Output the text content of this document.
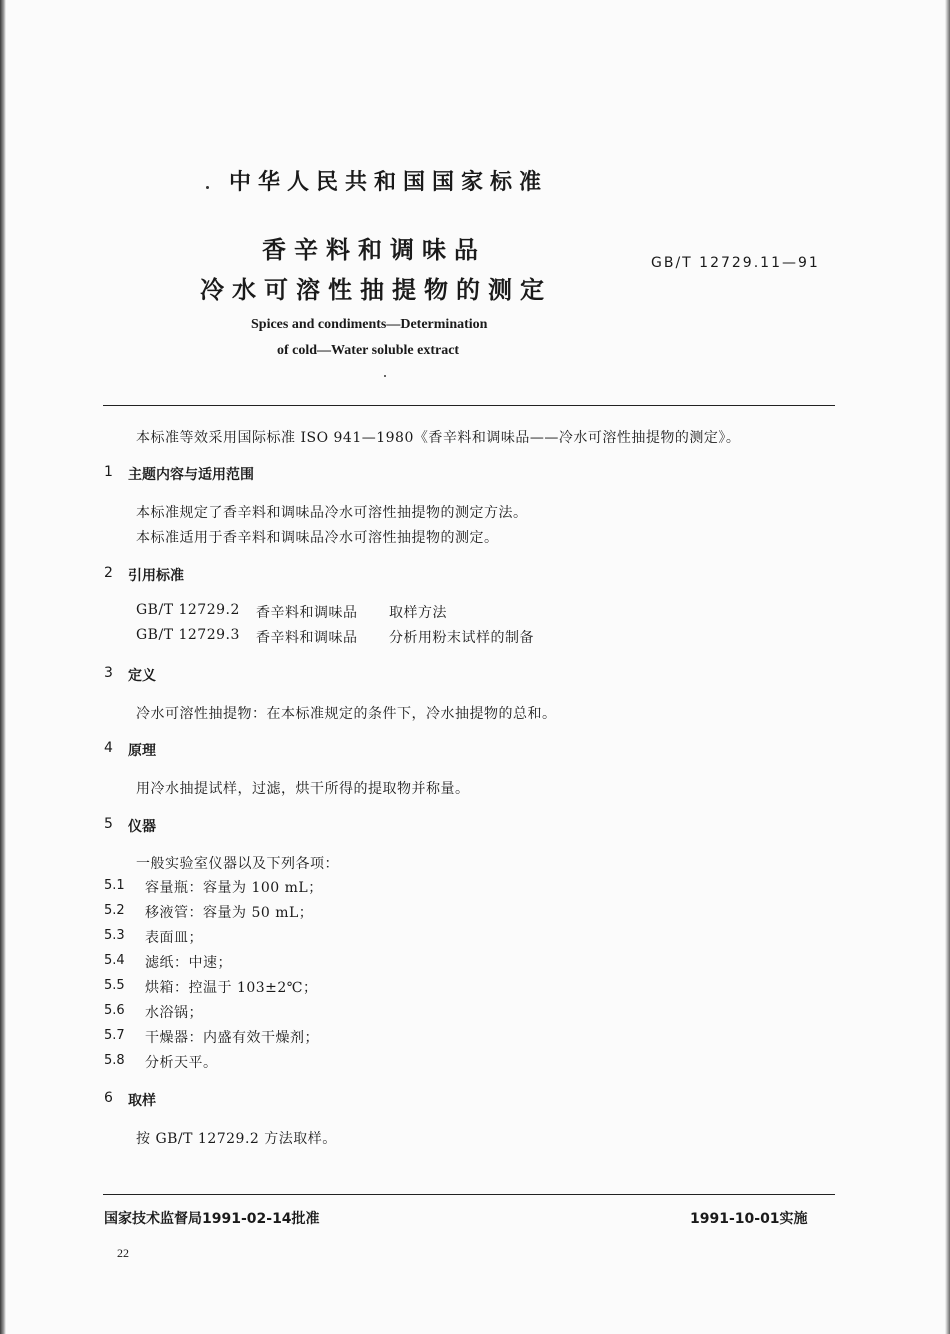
中华人民共和国国家标准
香辛料和调味品
冷水可溶性抽提物的测定
GB/T 12729.11—91
Spices and condiments—Determination
of cold—Water soluble extract
本标准等效采用国际标准 ISO 941—1980《香辛料和调味品——冷水可溶性抽提物的测定》。
1 主题内容与适用范围
本标准规定了香辛料和调味品冷水可溶性抽提物的测定方法。
本标准适用于香辛料和调味品冷水可溶性抽提物的测定。
2 引用标准
GB/T 12729.2 香辛料和调味品 取样方法
GB/T 12729.3 香辛料和调味品 分析用粉末试样的制备
3 定义
冷水可溶性抽提物：在本标准规定的条件下，冷水抽提物的总和。
4 原理
用冷水抽提试样，过滤，烘干所得的提取物并称量。
5 仪器
一般实验室仪器以及下列各项：
5.1 容量瓶：容量为 100 mL；
5.2 移液管：容量为 50 mL；
5.3 表面皿；
5.4 滤纸：中速；
5.5 烘箱：控温于 103±2℃；
5.6 水浴锅；
5.7 干燥器：内盛有效干燥剂；
5.8 分析天平。
6 取样
按 GB/T 12729.2 方法取样。
国家技术监督局1991-02-14批准	1991-10-01实施
22
